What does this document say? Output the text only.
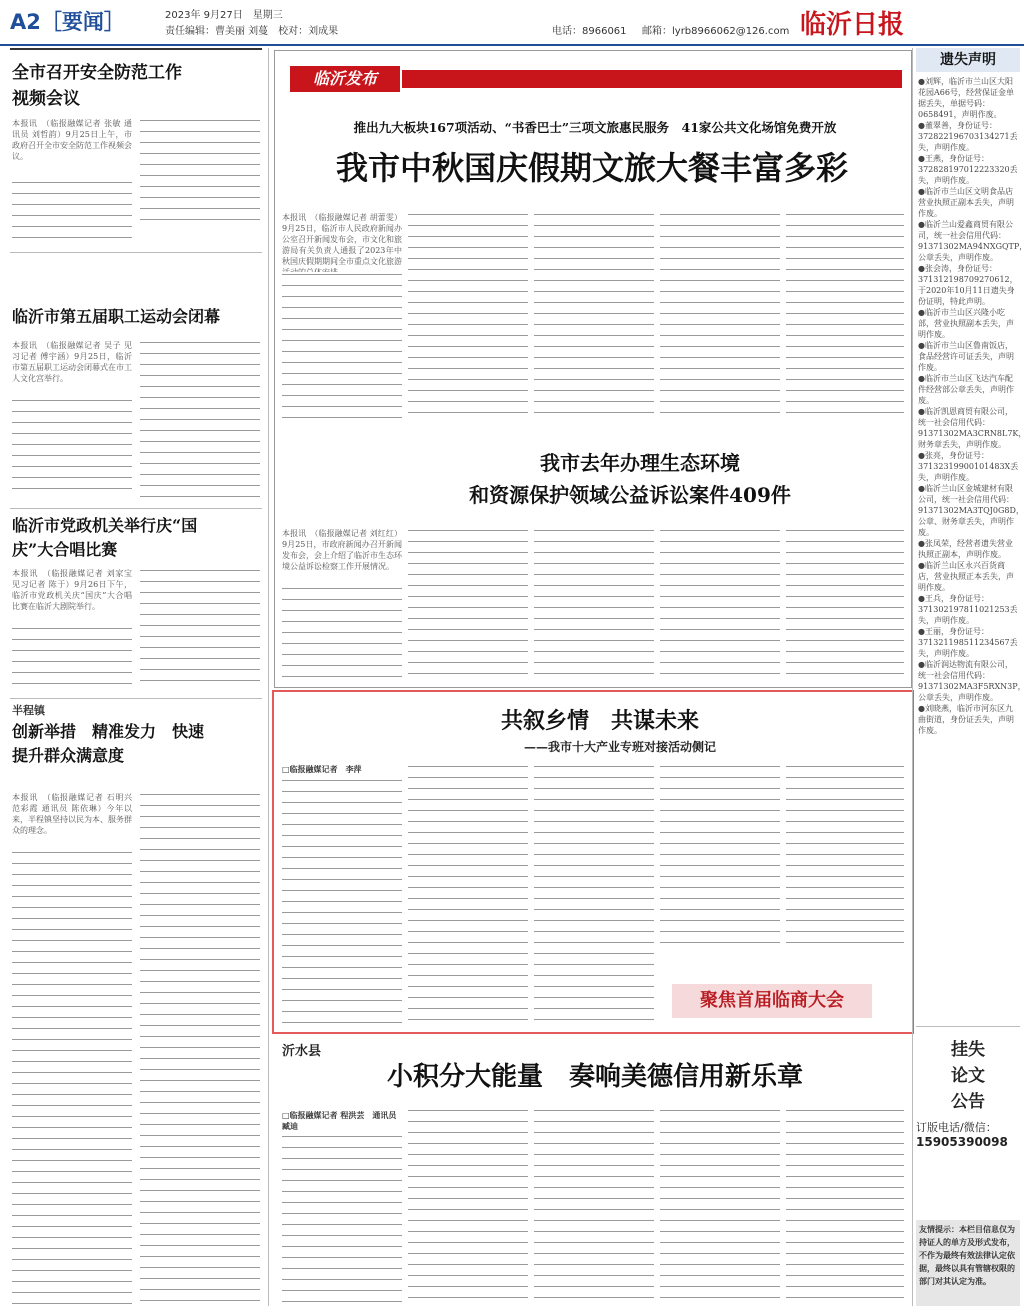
A2［要闻］	2023年 9月27日　星期三
责任编辑：曹美丽 刘蔓　校对：刘成果	电话：8966061 邮箱：lyrb8966062@126.com 临沂日报
全市召开安全防范工作视频会议
本报讯　（临报融媒记者 张敏 通讯员 刘哲韵）9月25日上午，市政府召开全市安全防范工作视频会议。
临沂市第五届职工运动会闭幕
本报讯　（临报融媒记者 吴子 见习记者 傅宇涵）9月25日，临沂市第五届职工运动会闭幕式在市工人文化宫举行。
临沂市党政机关举行庆“国庆”大合唱比赛
本报讯　（临报融媒记者 刘家宝 见习记者 陈于）9月26日下午，临沂市党政机关庆“国庆”大合唱比赛在临沂大剧院举行。
半程镇
创新举措　精准发力　快速提升群众满意度
本报讯　（临报融媒记者 石明兴 范彩霞 通讯员 陈依琳）今年以来，半程镇坚持以民为本、服务群众的理念。
临沂发布
推出九大板块167项活动、“书香巴士”三项文旅惠民服务　41家公共文化场馆免费开放
我市中秋国庆假期文旅大餐丰富多彩
本报讯　（临报融媒记者 胡蕾雯）9月25日，临沂市人民政府新闻办公室召开新闻发布会，市文化和旅游局有关负责人通报了2023年中秋国庆假期期间全市重点文化旅游
我市去年办理生态环境
和资源保护领域公益诉讼案件409件
本报讯　（临报融媒记者 刘红红）9月25日，市政府新闻办召开新闻发布会，会上介绍了临沂市生态环境公益诉讼检察工作开展情况。
共叙乡情　共谋未来
——我市十大产业专班对接活动侧记
□临报融媒记者　李萍
聚焦首届临商大会
沂水县
小积分大能量　奏响美德信用新乐章
□临报融媒记者 程洪芸　通讯员 臧迪
遗失声明
●刘辉，临沂市兰山区大阳花园A66号，经营保证金单据丢失，单据号码：0658491，声明作废。
●董翠善，身份证号：372822196703134271丢失，声明作废。
●王燕，身份证号：372828197012223320丢失，声明作废。
●临沂市兰山区文明食品店营业执照正副本丢失，声明作废。
●临沂兰山爱鑫商贸有限公司，统一社会信用代码：91371302MA94NXGQTP，公章丢失，声明作废。
●张会涛，身份证号：371312198709270612，于2020年10月11日遗失身份证明，特此声明。
●临沂市兰山区兴隆小吃部，营业执照副本丢失，声明作废。
●临沂市兰山区鲁南饭店，食品经营许可证丢失，声明作废。
●临沂市兰山区飞达汽车配件经营部公章丢失，声明作废。
●临沂凯恩商贸有限公司，统一社会信用代码：91371302MA3CRN8L7K，财务章丢失，声明作废。
●张亮，身份证号：37132319900101483X丢失，声明作废。
●临沂兰山区金城建材有限公司，统一社会信用代码：91371302MA3TQJ0G8D，公章、财务章丢失，声明作废。
●张凤荣，经营者遗失营业执照正副本，声明作废。
●临沂兰山区永兴百货商店，营业执照正本丢失，声明作废。
●王兵，身份证号：371302197811021253丢失，声明作废。
●王丽，身份证号：371321198511234567丢失，声明作废。
●临沂润达物流有限公司，统一社会信用代码：91371302MA3F5RXN3P，公章丢失，声明作废。
●刘晓燕，临沂市河东区九曲街道，身份证丢失，声明作废。
挂失
论文
公告
订版电话/微信：
15905390098
友情提示：本栏目信息仅为持证人的单方及形式发布，不作为最终有效法律认定依据，最终以具有管辖权限的部门对其认定为准。
